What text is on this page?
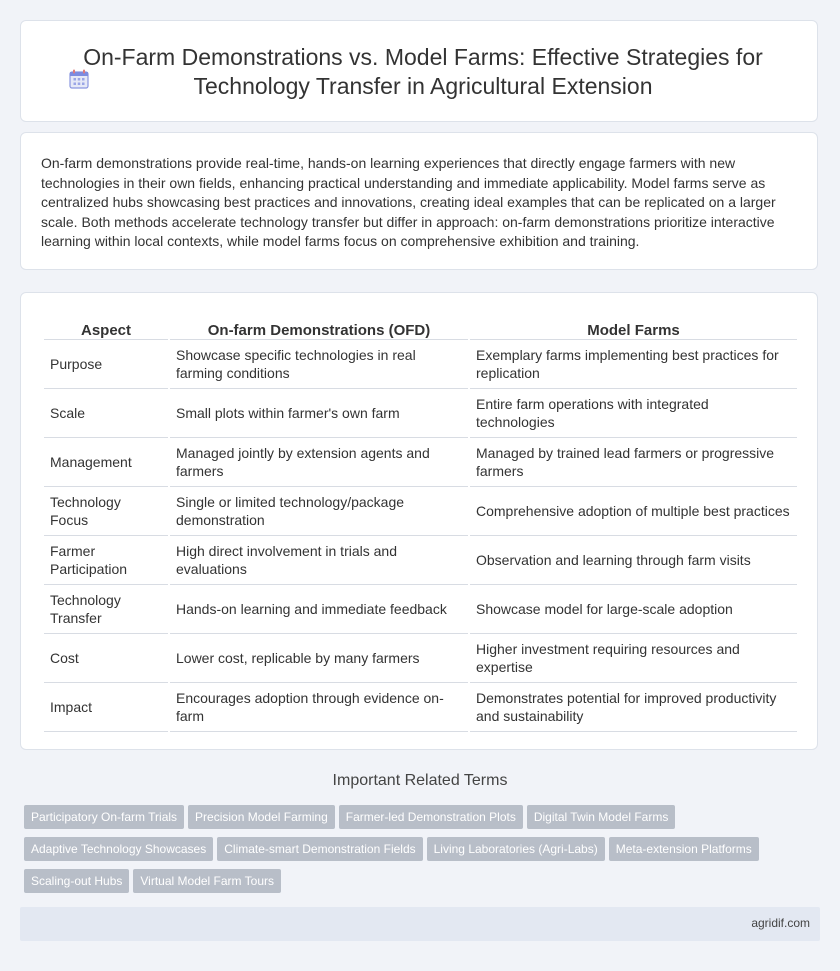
On-Farm Demonstrations vs. Model Farms: Effective Strategies for Technology Transfer in Agricultural Extension
On-farm demonstrations provide real-time, hands-on learning experiences that directly engage farmers with new technologies in their own fields, enhancing practical understanding and immediate applicability. Model farms serve as centralized hubs showcasing best practices and innovations, creating ideal examples that can be replicated on a larger scale. Both methods accelerate technology transfer but differ in approach: on-farm demonstrations prioritize interactive learning within local contexts, while model farms focus on comprehensive exhibition and training.
Aspect	On-farm Demonstrations (OFD)	Model Farms
Purpose	Showcase specific technologies in real farming conditions	Exemplary farms implementing best practices for replication
Scale	Small plots within farmer's own farm	Entire farm operations with integrated technologies
Management	Managed jointly by extension agents and farmers	Managed by trained lead farmers or progressive farmers
Technology Focus	Single or limited technology/package demonstration	Comprehensive adoption of multiple best practices
Farmer Participation	High direct involvement in trials and evaluations	Observation and learning through farm visits
Technology Transfer	Hands-on learning and immediate feedback	Showcase model for large-scale adoption
Cost	Lower cost, replicable by many farmers	Higher investment requiring resources and expertise
Impact	Encourages adoption through evidence on-farm	Demonstrates potential for improved productivity and sustainability
Important Related Terms
Participatory On-farm Trials Precision Model Farming Farmer-led Demonstration Plots Digital Twin Model Farms
Adaptive Technology Showcases Climate-smart Demonstration Fields Living Laboratories (Agri-Labs) Meta-extension Platforms
Scaling-out Hubs Virtual Model Farm Tours
agridif.com
